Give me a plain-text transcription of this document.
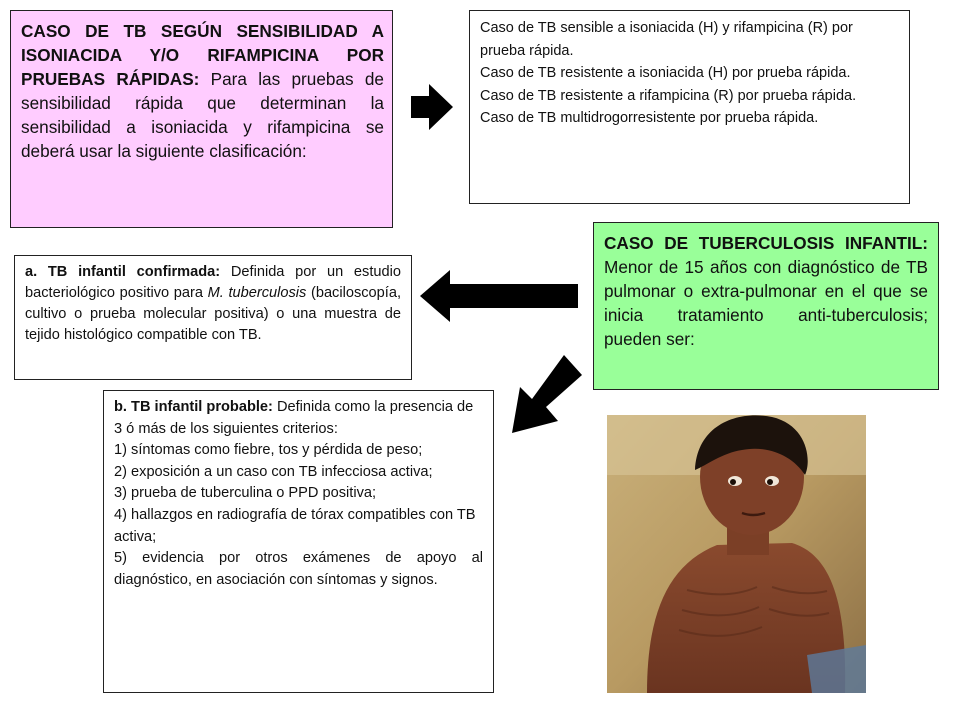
CASO DE TB SEGÚN SENSIBILIDAD A ISONIACIDA Y/O RIFAMPICINA POR PRUEBAS RÁPIDAS: Para las pruebas de sensibilidad rápida que determinan la sensibilidad a isoniacida y rifampicina se deberá usar la siguiente clasificación:
Caso de TB sensible a isoniacida (H) y rifampicina (R) por prueba rápida.
Caso de TB resistente a isoniacida (H) por prueba rápida.
Caso de TB resistente a rifampicina (R) por prueba rápida.
Caso de TB multidrogorresistente por prueba rápida.
CASO DE TUBERCULOSIS INFANTIL: Menor de 15 años con diagnóstico de TB pulmonar o extra-pulmonar en el que se inicia tratamiento anti-tuberculosis; pueden ser:
a. TB infantil confirmada: Definida por un estudio bacteriológico positivo para M. tuberculosis (baciloscopía, cultivo o prueba molecular positiva) o una muestra de tejido histológico compatible con TB.
b. TB infantil probable: Definida como la presencia de 3 ó más de los siguientes criterios:
1) síntomas como fiebre, tos y pérdida de peso;
2) exposición a un caso con TB infecciosa activa;
3) prueba de tuberculina o PPD positiva;
4) hallazgos en radiografía de tórax compatibles con TB activa;
5) evidencia por otros exámenes de apoyo al diagnóstico, en asociación con síntomas y signos.
